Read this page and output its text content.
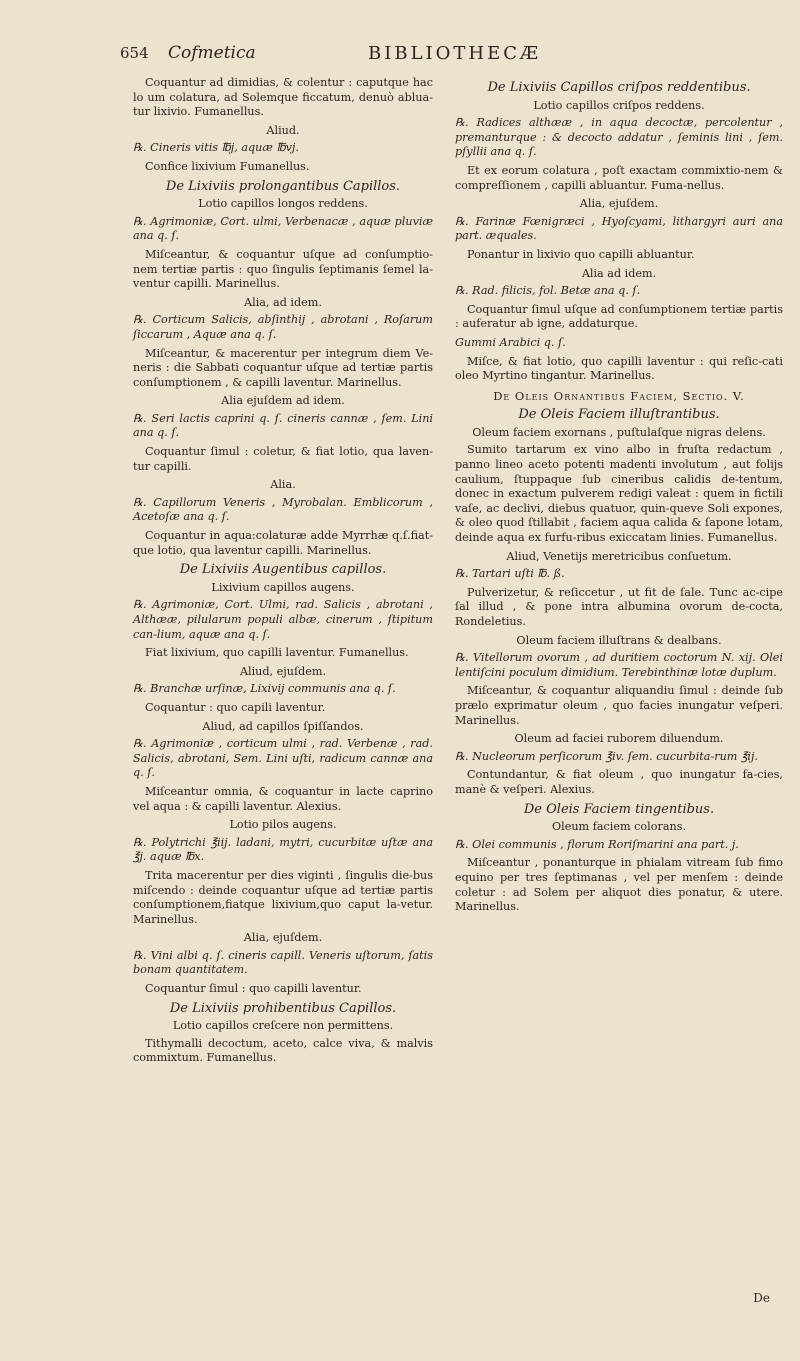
654 Cofmetica	BIBLIOTHECÆ

Coquantur ad dimidias, & colentur : caputque hac lo um colatura, ad Solemque ficcatum, denuò ablua-tur lixivio. Fumanellus.

Aliud.

℞. Cineris vitis ℔j, aquæ ℔vj.

Confice lixivium Fumanellus.

De Lixiviis prolongantibus Capillos.

Lotio capillos longos reddens.

℞. Agrimoniæ, Cort. ulmi, Verbenacæ , aquæ pluviæ ana q. ſ.

Miſceantur, & coquantur uſque ad conſumptio-nem tertiæ partis : quo ſingulis ſeptimanis ſemel la-ventur capilli. Marinellus.

Alia, ad idem.

℞. Corticum Salicis, abſinthij , abrotani , Roſarum ſiccarum , Aquæ ana q. ſ.

Miſceantur, & macerentur per integrum diem Ve-neris : die Sabbati coquantur uſque ad tertiæ partis conſumptionem , & capilli laventur. Marinellus.

Alia ejuſdem ad idem.

℞. Seri lactis caprini q. ſ. cineris cannæ , ſem. Lini ana q. ſ.

Coquantur ſimul : coletur, & fiat lotio, qua laven-tur capilli.

Alia.

℞. Capillorum Veneris , Myrobalan. Emblicorum , Acetoſæ ana q. ſ.

Coquantur in aqua:colaturæ adde Myrrhæ q.ſ.fiat-que lotio, qua laventur capilli. Marinellus.

De Lixiviis Augentibus capillos.

Lixivium capillos augens.

℞. Agrimoniæ, Cort. Ulmi, rad. Salicis , abrotani , Althææ, pilularum populi albæ, cinerum , ſtipitum can-lium, aquæ ana q. ſ.

Fiat lixivium, quo capilli laventur. Fumanellus.

Aliud, ejuſdem.

℞. Branchæ urſinæ, Lixivij communis ana q. ſ.

Coquantur : quo capili laventur.

Aliud, ad capillos ſpiſſandos.

℞. Agrimoniæ , corticum ulmi , rad. Verbenæ , rad. Salicis, abrotani, Sem. Lini uſti, radicum cannæ ana q. ſ.

Miſceantur omnia, & coquantur in lacte caprino vel aqua : & capilli laventur. Alexius.

Lotio pilos augens.

℞. Polytrichi ℥iij. ladani, mytri, cucurbitæ uſtæ ana ℥j. aquæ ℔x.

Trita macerentur per dies viginti , ſingulis die-bus miſcendo : deinde coquantur uſque ad tertiæ partis conſumptionem,fiatque lixivium,quo caput la-vetur. Marinellus.

Alia, ejuſdem.

℞. Vini albi q. ſ. cineris capill. Veneris uſtorum, ſatis bonam quantitatem.

Coquantur ſimul : quo capilli laventur.

De Lixiviis prohibentibus Capillos.

Lotio capillos creſcere non permittens.

Tithymalli decoctum, aceto, calce viva, & malvis commixtum. Fumanellus.

De Lixiviis Capillos criſpos reddentibus.

Lotio capillos criſpos reddens.

℞. Radices althææ , in aqua decoctæ, percolentur , premanturque : & decocto addatur , ſeminis lini , ſem. pſyllii ana q. ſ.

Et ex eorum colatura , poſt exactam commixtio-nem & compreſſionem , capilli abluantur. Fuma-nellus.

Alia, ejuſdem.

℞. Farinæ Fœnigræci , Hyoſcyami, lithargyri auri ana part. æquales.

Ponantur in lixivio quo capilli abluantur.

Alia ad idem.

℞. Rad. filicis, fol. Betæ ana q. ſ.

Coquantur ſimul uſque ad conſumptionem tertiæ partis : auferatur ab igne, addaturque.

Gummi Arabici q. ſ.

Miſce, & fiat lotio, quo capilli laventur : qui reſic-cati oleo Myrtino tingantur. Marinellus.

De Oleis Ornantibus Faciem, Sectio. V.

De Oleis Faciem illuſtrantibus.

Oleum faciem exornans , puſtulaſque nigras delens.

Sumito tartarum ex vino albo in fruſta redactum , panno lineo aceto potenti madenti involutum , aut folijs caulium, ſtuppaque ſub cineribus calidis de-tentum, donec in exactum pulverem redigi valeat : quem in fictili vaſe, ac declivi, diebus quatuor, quin-queve Soli expones, & oleo quod ſtillabit , faciem aqua calida & ſapone lotam, deinde aqua ex furfu-ribus exiccatam linies. Fumanellus.

Aliud, Venetijs meretricibus conſuetum.

℞. Tartari uſti ℔. ß.

Pulverizetur, & reſiccetur , ut fit de ſale. Tunc ac-cipe ſal illud , & pone intra albumina ovorum de-cocta, Rondeletius.

Oleum faciem illuſtrans & dealbans.

℞. Vitellorum ovorum , ad duritiem coctorum N. xij. Olei lentiſcini poculum dimidium. Terebinthinæ lotæ duplum.

Miſceantur, & coquantur aliquandiu ſimul : deinde ſub prælo exprimatur oleum , quo facies inungatur veſperi. Marinellus.

Oleum ad faciei ruborem diluendum.

℞. Nucleorum perſicorum ℥iv. ſem. cucurbita-rum ℥ij.

Contundantur, & fiat oleum , quo inungatur fa-cies, manè & veſperi. Alexius.

De Oleis Faciem tingentibus.

Oleum faciem colorans.

℞. Olei communis , florum Roriſmarini ana part. j.

Miſceantur , ponanturque in phialam vitream ſub fimo equino per tres ſeptimanas , vel per menſem : deinde coletur : ad Solem per aliquot dies ponatur, & utere. Marinellus.

De
